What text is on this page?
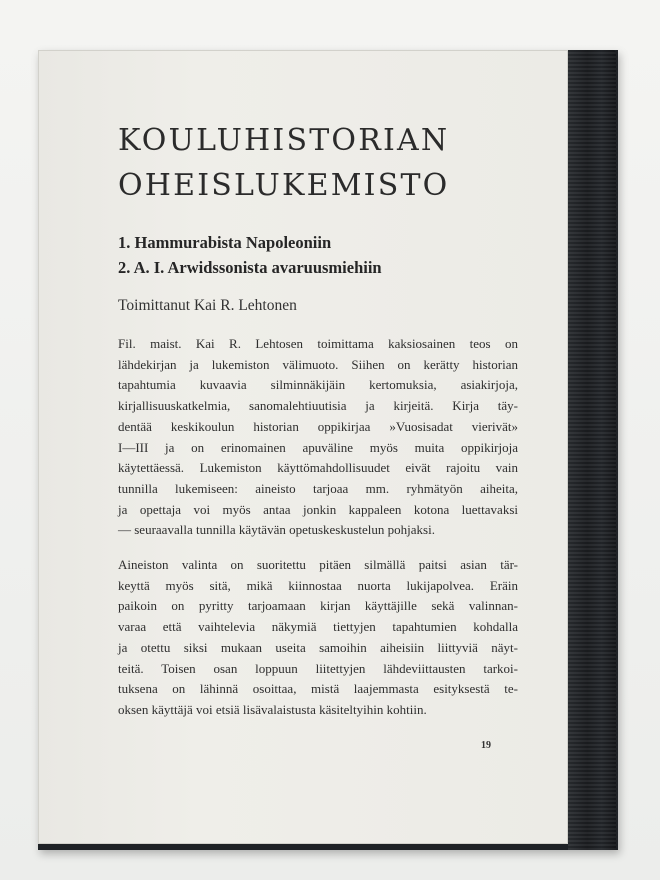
KOULUHISTORIAN
OHEISLUKEMISTO
1. Hammurabista Napoleoniin
2. A. I. Arwidssonista avaruusmiehiin
Toimittanut Kai R. Lehtonen
Fil. maist. Kai R. Lehtosen toimittama kaksiosainen teos on
lähdekirjan ja lukemiston välimuoto. Siihen on kerätty historian
tapahtumia kuvaavia silminnäkijäin kertomuksia, asiakirjoja,
kirjallisuuskatkelmia, sanomalehtiuutisia ja kirjeitä. Kirja täy-
dentää keskikoulun historian oppikirjaa »Vuosisadat vierivät»
I—III ja on erinomainen apuväline myös muita oppikirjoja
käytettäessä. Lukemiston käyttömahdollisuudet eivät rajoitu vain
tunnilla lukemiseen: aineisto tarjoaa mm. ryhmätyön aiheita,
ja opettaja voi myös antaa jonkin kappaleen kotona luettavaksi
— seuraavalla tunnilla käytävän opetuskeskustelun pohjaksi.
Aineiston valinta on suoritettu pitäen silmällä paitsi asian tär-
keyttä myös sitä, mikä kiinnostaa nuorta lukijapolvea. Eräin
paikoin on pyritty tarjoamaan kirjan käyttäjille sekä valinnan-
varaa että vaihtelevia näkymiä tiettyjen tapahtumien kohdalla
ja otettu siksi mukaan useita samoihin aiheisiin liittyviä näyt-
teitä. Toisen osan loppuun liitettyjen lähdeviittausten tarkoi-
tuksena on lähinnä osoittaa, mistä laajemmasta esityksestä te-
oksen käyttäjä voi etsiä lisävalaistusta käsiteltyihin kohtiin.
19
